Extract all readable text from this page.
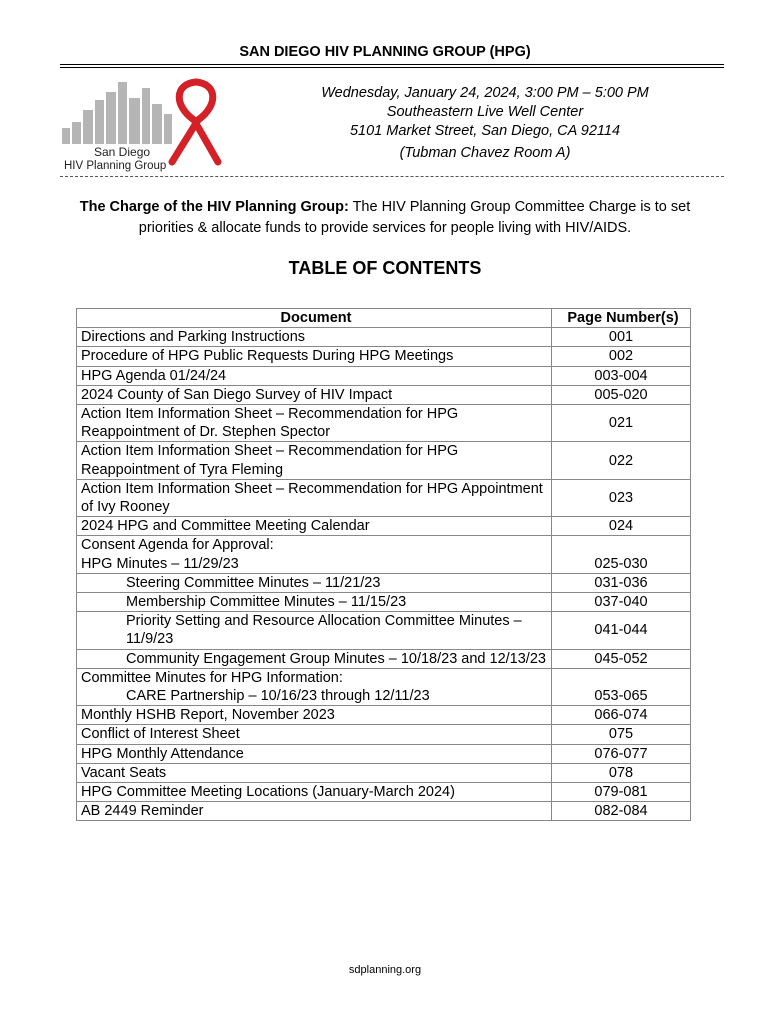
SAN DIEGO HIV PLANNING GROUP (HPG)
San Diego
HIV Planning Group
Wednesday, January 24, 2024, 3:00 PM – 5:00 PM
Southeastern Live Well Center
5101 Market Street, San Diego, CA 92114
(Tubman Chavez Room A)
The Charge of the HIV Planning Group: The HIV Planning Group Committee Charge is to set priorities & allocate funds to provide services for people living with HIV/AIDS.
TABLE OF CONTENTS
Document	Page Number(s)

Directions and Parking Instructions	001

Procedure of HPG Public Requests During HPG Meetings	002

HPG Agenda 01/24/24	003-004

2024 County of San Diego Survey of HIV Impact	005-020

Action Item Information Sheet – Recommendation for HPG Reappointment of Dr. Stephen Spector	021

Action Item Information Sheet – Recommendation for HPG Reappointment of Tyra Fleming	022

Action Item Information Sheet – Recommendation for HPG Appointment of Ivy Rooney	023

2024 HPG and Committee Meeting Calendar	024

Consent Agenda for Approval:
HPG Minutes – 11/29/23	025-030

Steering Committee Minutes – 11/21/23	031-036

Membership Committee Minutes – 11/15/23	037-040

Priority Setting and Resource Allocation Committee Minutes – 11/9/23	041-044

Community Engagement Group Minutes – 10/18/23 and 12/13/23	045-052

Committee Minutes for HPG Information:
CARE Partnership – 10/16/23 through 12/11/23	053-065

Monthly HSHB Report, November 2023	066-074

Conflict of Interest Sheet	075

HPG Monthly Attendance	076-077

Vacant Seats	078

HPG Committee Meeting Locations (January-March 2024)	079-081

AB 2449 Reminder	082-084
sdplanning.org
